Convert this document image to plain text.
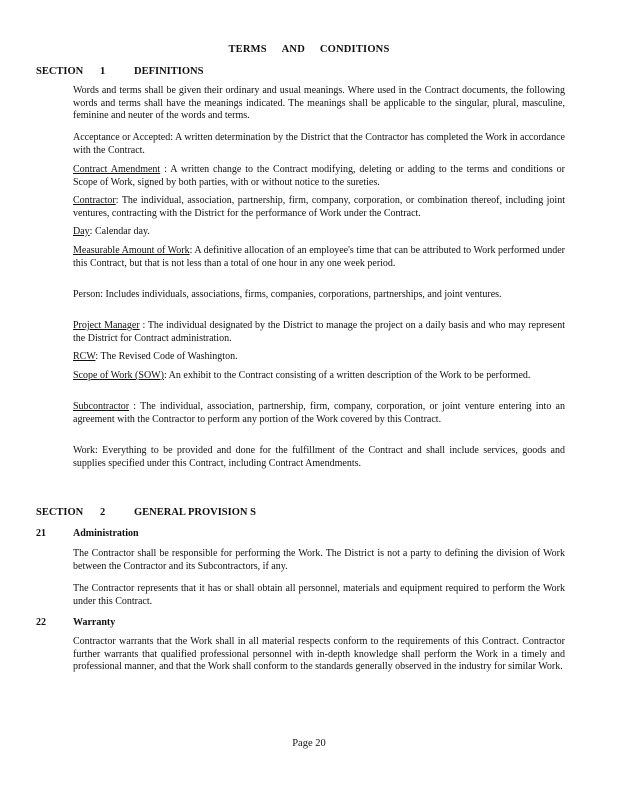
TERMS AND CONDITIONS
SECTION 1	DEFINITIONS
Words and terms shall be given their ordinary and usual meanings. Where used in the Contract documents, the following words and terms shall have the meanings indicated. The meanings shall be applicable to the singular, plural, masculine, feminine and neuter of the words and terms.
Acceptance or Accepted: A written determination by the District that the Contractor has completed the Work in accordance with the Contract.
Contract Amendment : A written change to the Contract modifying, deleting or adding to the terms and conditions or Scope of Work, signed by both parties, with or without notice to the sureties.
Contractor: The individual, association, partnership, firm, company, corporation, or combination thereof, including joint ventures, contracting with the District for the performance of Work under the Contract.
Day: Calendar day.
Measurable Amount of Work: A definitive allocation of an employee's time that can be attributed to Work performed under this Contract, but that is not less than a total of one hour in any one week period.
Person: Includes individuals, associations, firms, companies, corporations, partnerships, and joint ventures.
Project Manager : The individual designated by the District to manage the project on a daily basis and who may represent the District for Contract administration.
RCW: The Revised Code of Washington.
Scope of Work (SOW): An exhibit to the Contract consisting of a written description of the Work to be performed.
Subcontractor : The individual, association, partnership, firm, company, corporation, or joint venture entering into an agreement with the Contractor to perform any portion of the Work covered by this Contract.
Work: Everything to be provided and done for the fulfillment of the Contract and shall include services, goods and supplies specified under this Contract, including Contract Amendments.
SECTION 2	GENERAL PROVISION S
21	Administration
The Contractor shall be responsible for performing the Work. The District is not a party to defining the division of Work between the Contractor and its Subcontractors, if any.
The Contractor represents that it has or shall obtain all personnel, materials and equipment required to perform the Work under this Contract.
22	Warranty
Contractor warrants that the Work shall in all material respects conform to the requirements of this Contract. Contractor further warrants that qualified professional personnel with in-depth knowledge shall perform the Work in a timely and professional manner, and that the Work shall conform to the standards generally observed in the industry for similar Work.
Page 20
